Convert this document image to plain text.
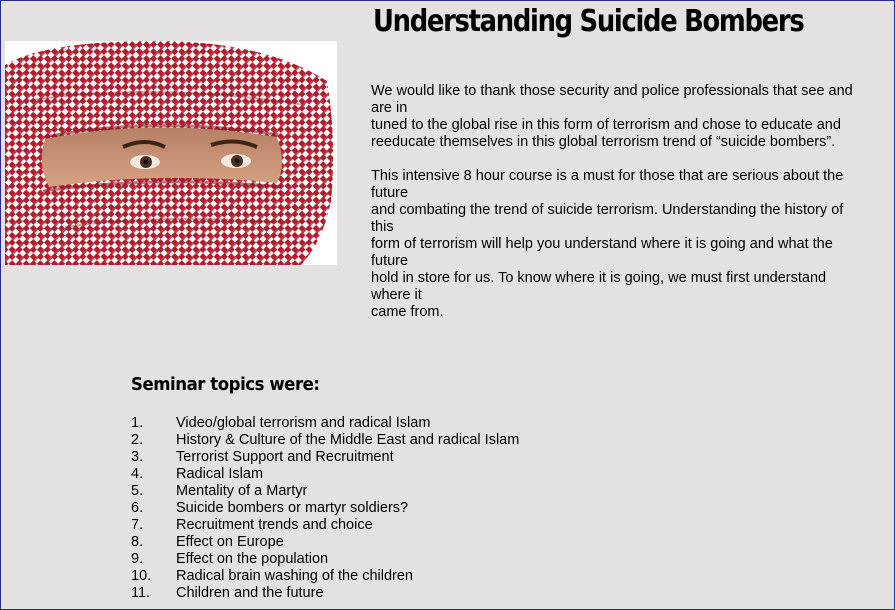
Understanding Suicide Bombers

We would like to thank those security and police professionals that see and
are in
tuned to the global rise in this form of terrorism and chose to educate and
reeducate themselves in this global terrorism trend of “suicide bombers”.

This intensive 8 hour course is a must for those that are serious about the
future
and combating the trend of suicide terrorism. Understanding the history of
this
form of terrorism will help you understand where it is going and what the
future
hold in store for us. To know where it is going, we must first understand
where it
came from.

Seminar topics were:
1.	Video/global terrorism and radical Islam
2.	History & Culture of the Middle East and radical Islam
3.	Terrorist Support and Recruitment
4.	Radical Islam
5.	Mentality of a Martyr
6.	Suicide bombers or martyr soldiers?
7.	Recruitment trends and choice
8.	Effect on Europe
9.	Effect on the population
10.	Radical brain washing of the children
11.	Children and the future
